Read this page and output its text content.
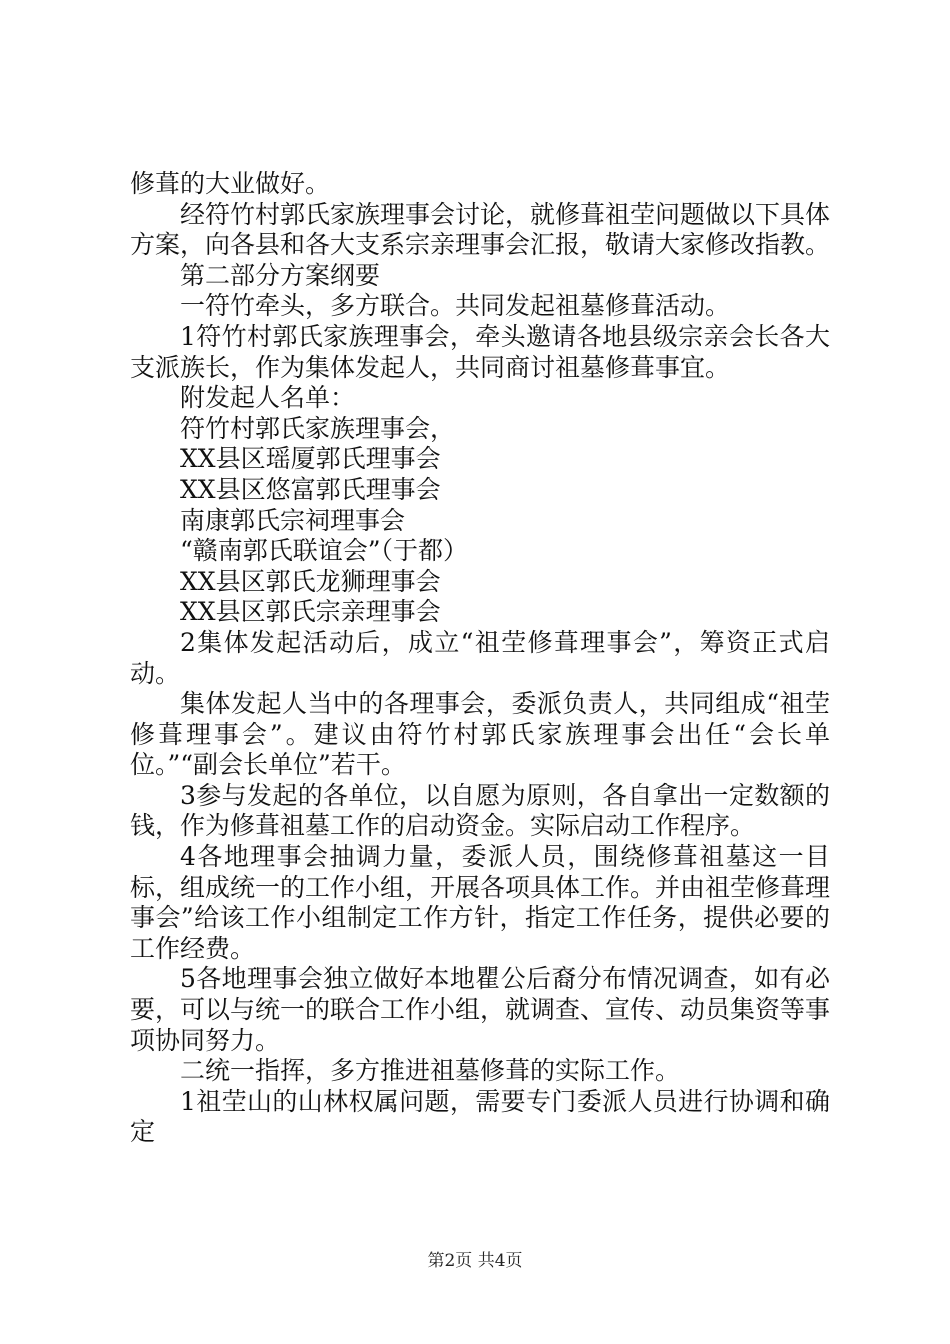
修葺的大业做好。

经符竹村郭氏家族理事会讨论，就修葺祖茔问题做以下具体方案，向各县和各大支系宗亲理事会汇报，敬请大家修改指教。

第二部分方案纲要

一符竹牵头，多方联合。共同发起祖墓修葺活动。

1符竹村郭氏家族理事会，牵头邀请各地县级宗亲会长各大支派族长，作为集体发起人，共同商讨祖墓修葺事宜。

附发起人名单：

符竹村郭氏家族理事会，

XX县区瑶厦郭氏理事会

XX县区悠富郭氏理事会

南康郭氏宗祠理事会

“赣南郭氏联谊会”（于都）

XX县区郭氏龙狮理事会

XX县区郭氏宗亲理事会

2集体发起活动后，成立“祖茔修葺理事会”，筹资正式启动。

集体发起人当中的各理事会，委派负责人，共同组成“祖茔修葺理事会”。建议由符竹村郭氏家族理事会出任“会长单位。”“副会长单位”若干。

3参与发起的各单位，以自愿为原则，各自拿出一定数额的钱，作为修葺祖墓工作的启动资金。实际启动工作程序。

4各地理事会抽调力量，委派人员，围绕修葺祖墓这一目标，组成统一的工作小组，开展各项具体工作。并由祖茔修葺理事会”给该工作小组制定工作方针，指定工作任务，提供必要的工作经费。

5各地理事会独立做好本地瞿公后裔分布情况调查，如有必要，可以与统一的联合工作小组，就调查、宣传、动员集资等事项协同努力。

二统一指挥，多方推进祖墓修葺的实际工作。

1祖茔山的山林权属问题，需要专门委派人员进行协调和确定

第2页 共4页
